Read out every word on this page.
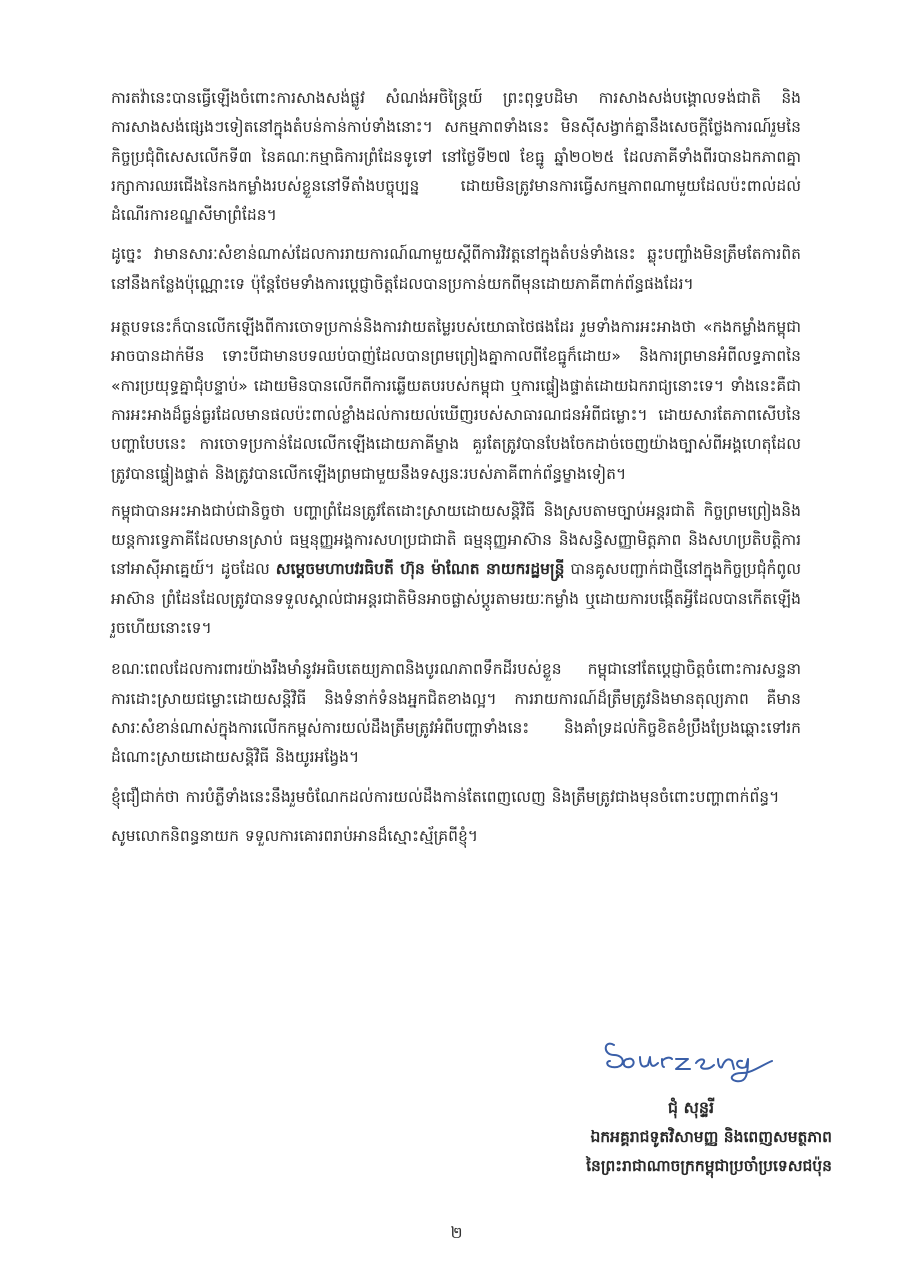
ការតវ៉ានេះបានធ្វើឡើងចំពោះការសាងសង់ផ្លូវ សំណង់អចិន្ត្រៃយ៍ ព្រះពុទ្ធបដិមា ការសាងសង់បង្គោលទង់ជាតិ និងការសាងសង់ផ្សេងៗទៀតនៅក្នុងតំបន់កាន់កាប់ទាំងនោះ។ សកម្មភាពទាំងនេះ មិនស៊ីសង្វាក់គ្នានឹងសេចក្តីថ្លែងការណ៍រួមនៃកិច្ចប្រជុំពិសេសលើកទី៣ នៃគណៈកម្មាធិការព្រំដែនទូទៅ នៅថ្ងៃទី២៧ ខែធ្នូ ឆ្នាំ២០២៥ ដែលភាគីទាំងពីរបានឯកភាពគ្នារក្សាការឈរជើងនៃកងកម្លាំងរបស់ខ្លួននៅទីតាំងបច្ចុប្បន្ន ដោយមិនត្រូវមានការធ្វើសកម្មភាពណាមួយដែលប៉ះពាល់ដល់ដំណើរការខណ្ឌសីមាព្រំដែន។

ដូច្នេះ វាមានសារៈសំខាន់ណាស់ដែលការរាយការណ៍ណាមួយស្តីពីការវិវត្តនៅក្នុងតំបន់ទាំងនេះ ឆ្លុះបញ្ចាំងមិនត្រឹមតែការពិតនៅនឹងកន្លែងប៉ុណ្ណោះទេ ប៉ុន្តែថែមទាំងការប្តេជ្ញាចិត្តដែលបានប្រកាន់យកពីមុនដោយភាគីពាក់ព័ន្ធផងដែរ។

អត្ថបទនេះក៏បានលើកឡើងពីការចោទប្រកាន់និងការវាយតម្លៃរបស់យោធាថៃផងដែរ រួមទាំងការអះអាងថា «កងកម្លាំងកម្ពុជាអាចបានដាក់មីន ទោះបីជាមានបទឈប់បាញ់ដែលបានព្រមព្រៀងគ្នាកាលពីខែធ្នូក៏ដោយ» និងការព្រមានអំពីលទ្ធភាពនៃ «ការប្រយុទ្ធគ្នាជុំបន្ទាប់» ដោយមិនបានលើកពីការឆ្លើយតបរបស់កម្ពុជា ឬការផ្ទៀងផ្ទាត់ដោយឯករាជ្យនោះទេ។ ទាំងនេះគឺជាការអះអាងដ៏ធ្ងន់ធ្ងរដែលមានផលប៉ះពាល់ខ្លាំងដល់ការយល់ឃើញរបស់សាធារណជនអំពីជម្លោះ។ ដោយសារតែភាពសើបនៃបញ្ហាបែបនេះ ការចោទប្រកាន់ដែលលើកឡើងដោយភាគីម្ខាង គួរតែត្រូវបានបែងចែកដាច់ចេញយ៉ាងច្បាស់ពីអង្គហេតុដែលត្រូវបានផ្ទៀងផ្ទាត់ និងត្រូវបានលើកឡើងព្រមជាមួយនឹងទស្សនៈរបស់ភាគីពាក់ព័ន្ធម្ខាងទៀត។

កម្ពុជាបានអះអាងជាប់ជានិច្ចថា បញ្ហាព្រំដែនត្រូវតែដោះស្រាយដោយសន្តិវិធី និងស្របតាមច្បាប់អន្តរជាតិ កិច្ចព្រមព្រៀងនិងយន្តការទ្វេភាគីដែលមានស្រាប់ ធម្មនុញ្ញអង្គការសហប្រជាជាតិ ធម្មនុញ្ញអាស៊ាន និងសន្ធិសញ្ញាមិត្តភាព និងសហប្រតិបត្តិការនៅអាស៊ីអាគ្នេយ៍។ ដូចដែល សម្តេចមហាបវរធិបតី ហ៊ុន ម៉ាណែត នាយករដ្ឋមន្ត្រី បានគូសបញ្ជាក់ជាថ្មីនៅក្នុងកិច្ចប្រជុំកំពូលអាស៊ាន ព្រំដែនដែលត្រូវបានទទួលស្គាល់ជាអន្តរជាតិមិនអាចផ្លាស់ប្តូរតាមរយៈកម្លាំង ឬដោយការបង្កើតអ្វីដែលបានកើតឡើងរួចហើយនោះទេ។

ខណៈពេលដែលការពារយ៉ាងរឹងមាំនូវអធិបតេយ្យភាពនិងបូរណភាពទឹកដីរបស់ខ្លួន កម្ពុជានៅតែប្តេជ្ញាចិត្តចំពោះការសន្ទនា ការដោះស្រាយជម្លោះដោយសន្តិវិធី និងទំនាក់ទំនងអ្នកជិតខាងល្អ។ ការរាយការណ៍ដ៏ត្រឹមត្រូវនិងមានតុល្យភាព គឺមានសារៈសំខាន់ណាស់ក្នុងការលើកកម្ពស់ការយល់ដឹងត្រឹមត្រូវអំពីបញ្ហាទាំងនេះ និងគាំទ្រដល់កិច្ចខិតខំប្រឹងប្រែងឆ្ពោះទៅរកដំណោះស្រាយដោយសន្តិវិធី និងយូរអង្វែង។

ខ្ញុំជឿជាក់ថា ការបំភ្លឺទាំងនេះនឹងរួមចំណែកដល់ការយល់ដឹងកាន់តែពេញលេញ និងត្រឹមត្រូវជាងមុនចំពោះបញ្ហាពាក់ព័ន្ធ។

សូមលោកនិពន្ធនាយក ទទួលការគោរពរាប់អានដ៏ស្មោះស្ម័គ្រពីខ្ញុំ។

ជុំ សុន្ទរី
ឯកអគ្គរាជទូតវិសាមញ្ញ និងពេញសមត្ថភាព
នៃព្រះរាជាណាចក្រកម្ពុជាប្រចាំប្រទេសជប៉ុន
២
